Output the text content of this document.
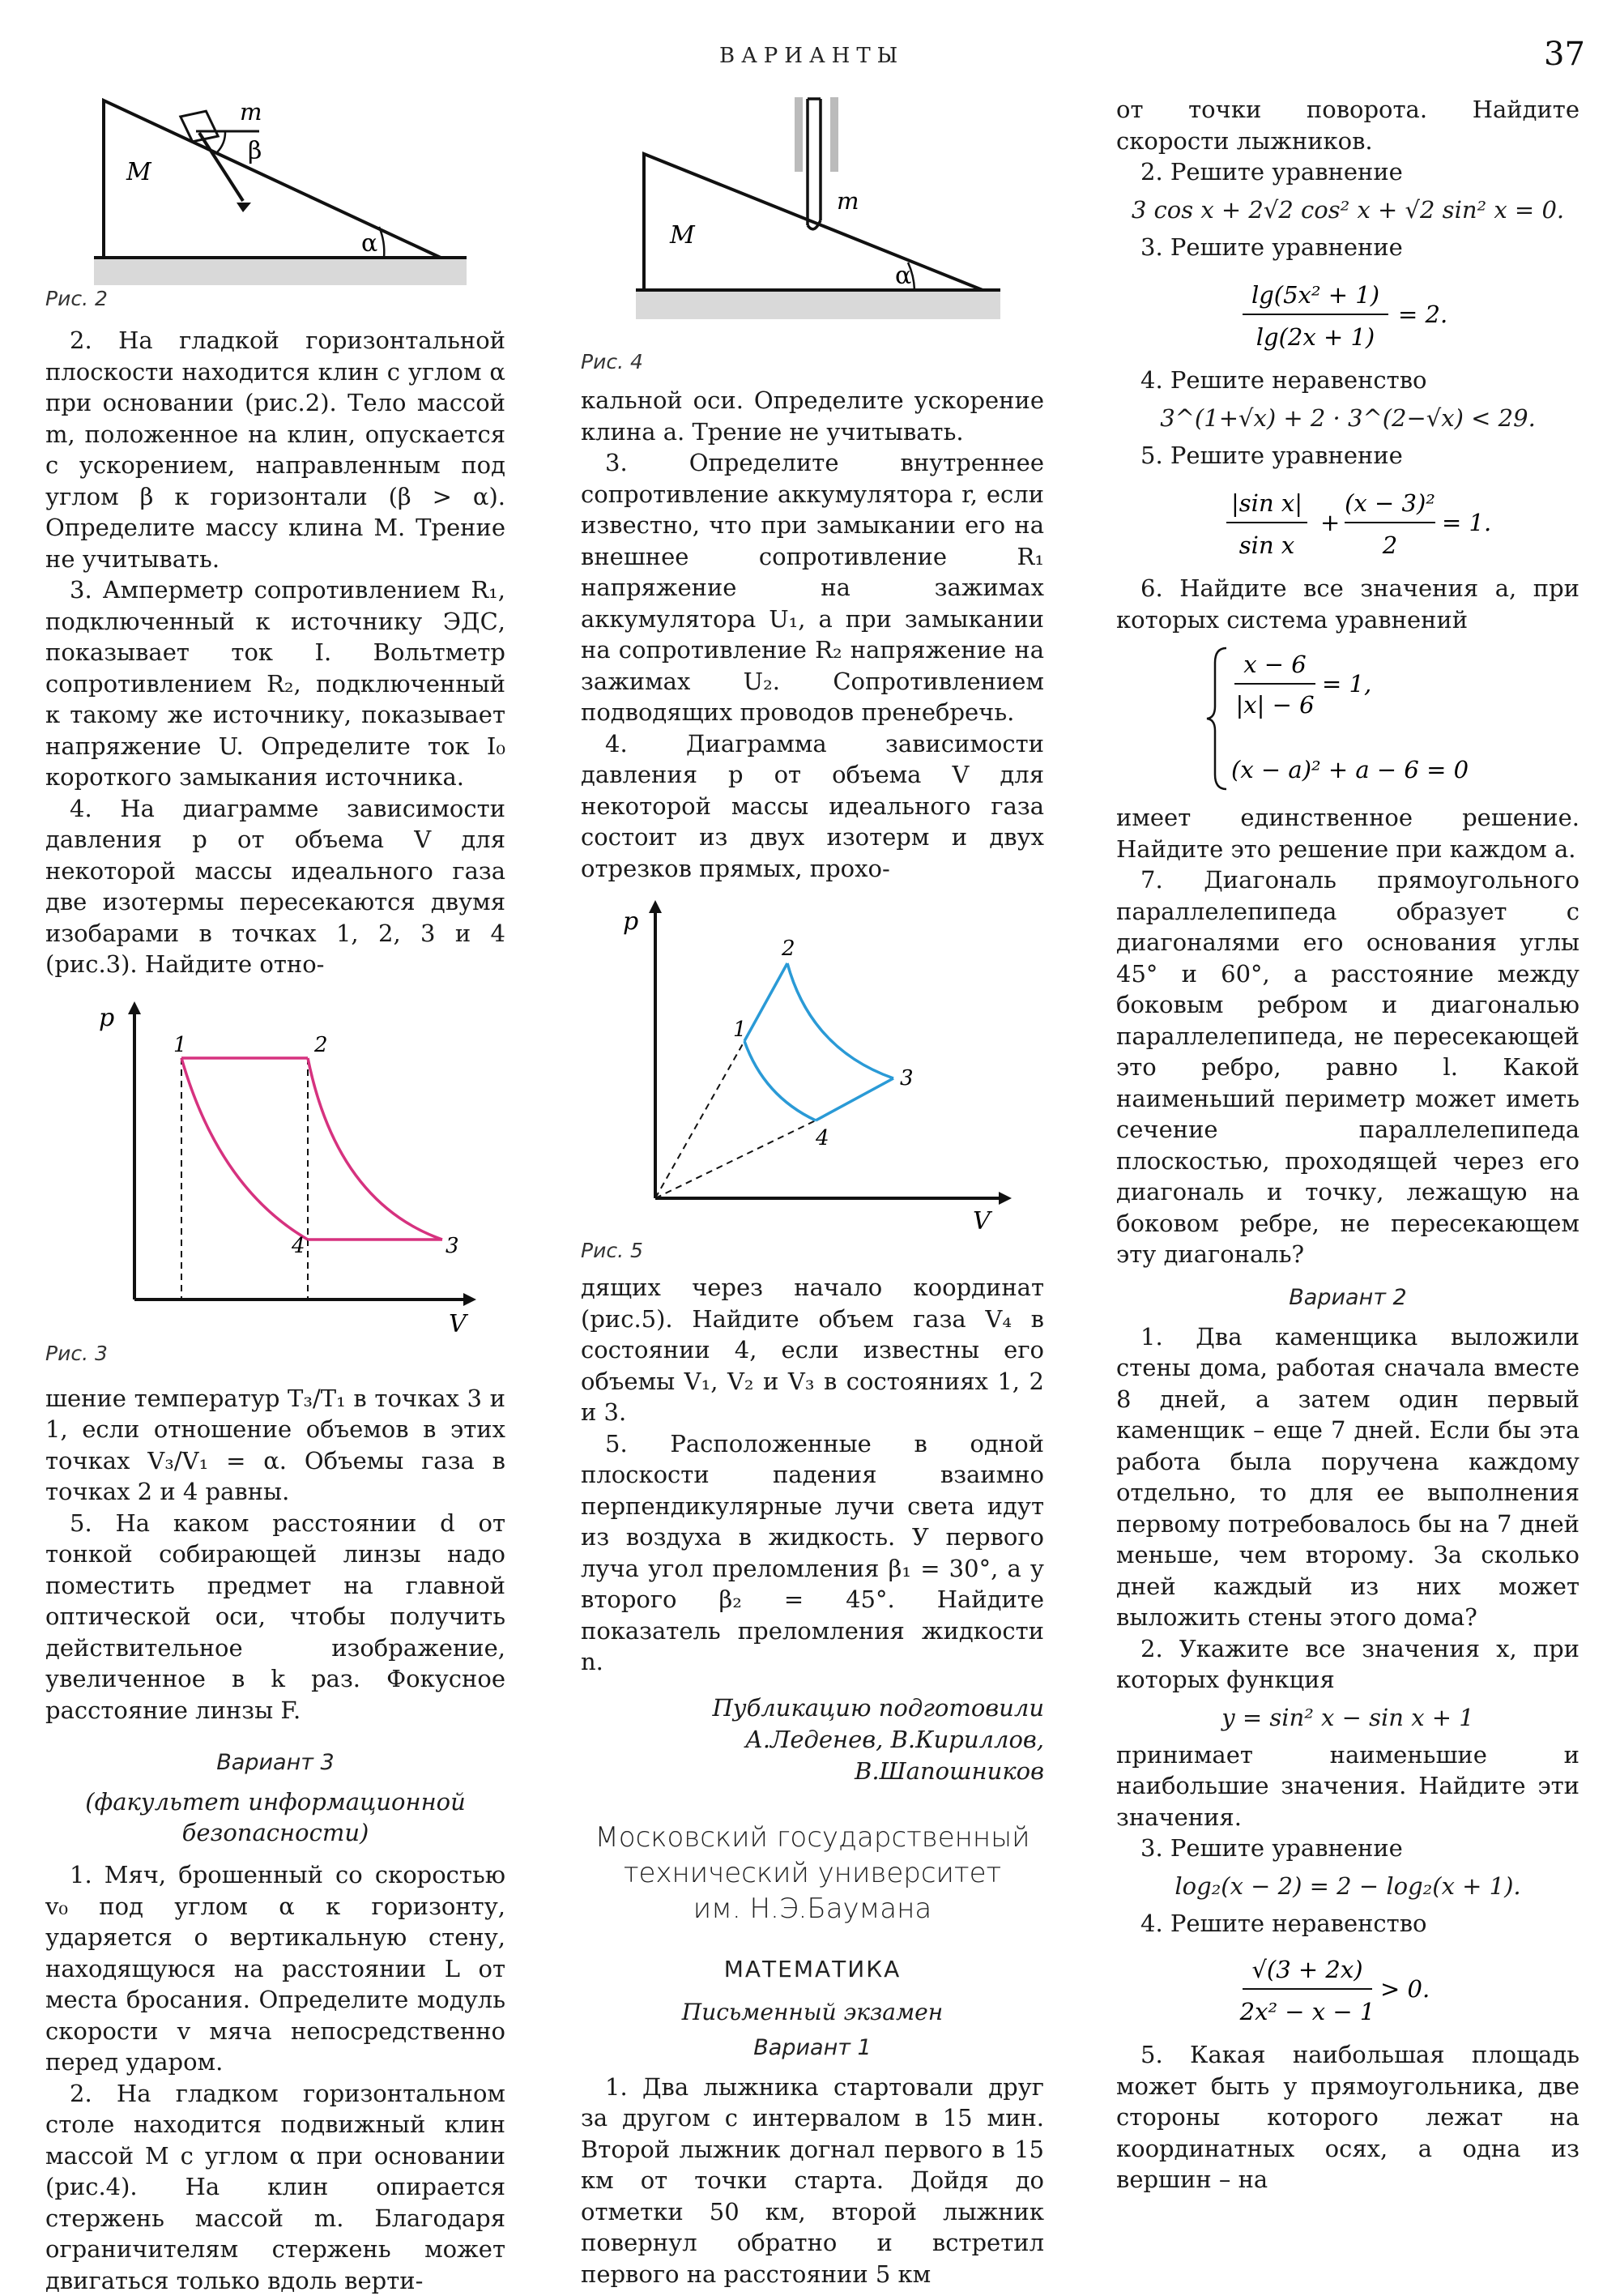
ВАРИАНТЫ	37
m
β
M
α
Рис. 2

2. На гладкой горизонтальной плоскости находится клин с углом α при основании (рис.2). Тело массой m, положенное на клин, опускается с ускорением, направленным под углом β к горизонтали (β > α). Определите массу клина M. Трение не учитывать.

3. Амперметр сопротивлением R₁, подключенный к источнику ЭДС, показывает ток I. Вольтметр сопротивлением R₂, подключенный к такому же источнику, показывает напряжение U. Определите ток I₀ короткого замыкания источника.

4. На диаграмме зависимости давления p от объема V для некоторой массы идеального газа две изотермы пересекаются двумя изобарами в точках 1, 2, 3 и 4 (рис.3). Найдите отно-

p
V
1	2
3
4
Рис. 3

шение температур T₃/T₁ в точках 3 и 1, если отношение объемов в этих точках V₃/V₁ = α. Объемы газа в точках 2 и 4 равны.

5. На каком расстоянии d от тонкой собирающей линзы надо поместить предмет на главной оптической оси, чтобы получить действительное изображение, увеличенное в k раз. Фокусное расстояние линзы F.

Вариант 3
(факультет информационной безопасности)

1. Мяч, брошенный со скоростью v₀ под углом α к горизонту, ударяется о вертикальную стену, находящуюся на расстоянии L от места бросания. Определите модуль скорости v мяча непосредственно перед ударом.

2. На гладком горизонтальном столе находится подвижный клин массой M с углом α при основании (рис.4). На клин опирается стержень массой m. Благодаря ограничителям стержень может двигаться только вдоль верти-

m
M
α
Рис. 4

кальной оси. Определите ускорение клина a. Трение не учитывать.

3. Определите внутреннее сопротивление аккумулятора r, если известно, что при замыкании его на внешнее сопротивление R₁ напряжение на зажимах аккумулятора U₁, а при замыкании на сопротивление R₂ напряжение на зажимах U₂. Сопротивлением подводящих проводов пренебречь.

4. Диаграмма зависимости давления p от объема V для некоторой массы идеального газа состоит из двух изотерм и двух отрезков прямых, прохо-

p
V
1
2
3
4
Рис. 5

дящих через начало координат (рис.5). Найдите объем газа V₄ в состоянии 4, если известны его объемы V₁, V₂ и V₃ в состояниях 1, 2 и 3.

5. Расположенные в одной плоскости падения взаимно перпендикулярные лучи света идут из воздуха в жидкость. У первого луча угол преломления β₁ = 30°, а у второго β₂ = 45°. Найдите показатель преломления жидкости n.

Публикацию подготовили
А.Леденев, В.Кириллов,
В.Шапошников
Московский государственный
технический университет
им. Н.Э.Баумана
МАТЕМАТИКА
Письменный экзамен
Вариант 1

1. Два лыжника стартовали друг за другом с интервалом в 15 мин. Второй лыжник догнал первого в 15 км от точки старта. Дойдя до отметки 50 км, второй лыжник повернул обратно и встретил первого на расстоянии 5 км

от точки поворота. Найдите скорости лыжников.

2. Решите уравнение

3 cos x + 2√2 cos² x + √2 sin² x = 0.

3. Решите уравнение

lg(5x² + 1)
lg(2x + 1)
= 2.

4. Решите неравенство

3^(1+√x) + 2 · 3^(2−√x) < 29.

5. Решите уравнение

|sin x|
sin x
+
(x − 3)²
2
= 1.

6. Найдите все значения a, при которых система уравнений

x − 6
|x| − 6
= 1,
(x − a)² + a − 6 = 0

имеет единственное решение. Найдите это решение при каждом a.

7. Диагональ прямоугольного параллелепипеда образует с диагоналями его основания углы 45° и 60°, а расстояние между боковым ребром и диагональю параллелепипеда, не пересекающей это ребро, равно l. Какой наименьший периметр может иметь сечение параллелепипеда плоскостью, проходящей через его диагональ и точку, лежащую на боковом ребре, не пересекающем эту диагональ?

Вариант 2

1. Два каменщика выложили стены дома, работая сначала вместе 8 дней, а затем один первый каменщик – еще 7 дней. Если бы эта работа была поручена каждому отдельно, то для ее выполнения первому потребовалось бы на 7 дней меньше, чем второму. За сколько дней каждый из них может выложить стены этого дома?

2. Укажите все значения x, при которых функция

y = sin² x − sin x + 1

принимает наименьшие и наибольшие значения. Найдите эти значения.

3. Решите уравнение

log₂(x − 2) = 2 − log₂(x + 1).

4. Решите неравенство

√(3 + 2x)
2x² − x − 1
> 0.

5. Какая наибольшая площадь может быть у прямоугольника, две стороны которого лежат на координатных осях, а одна из вершин – на
